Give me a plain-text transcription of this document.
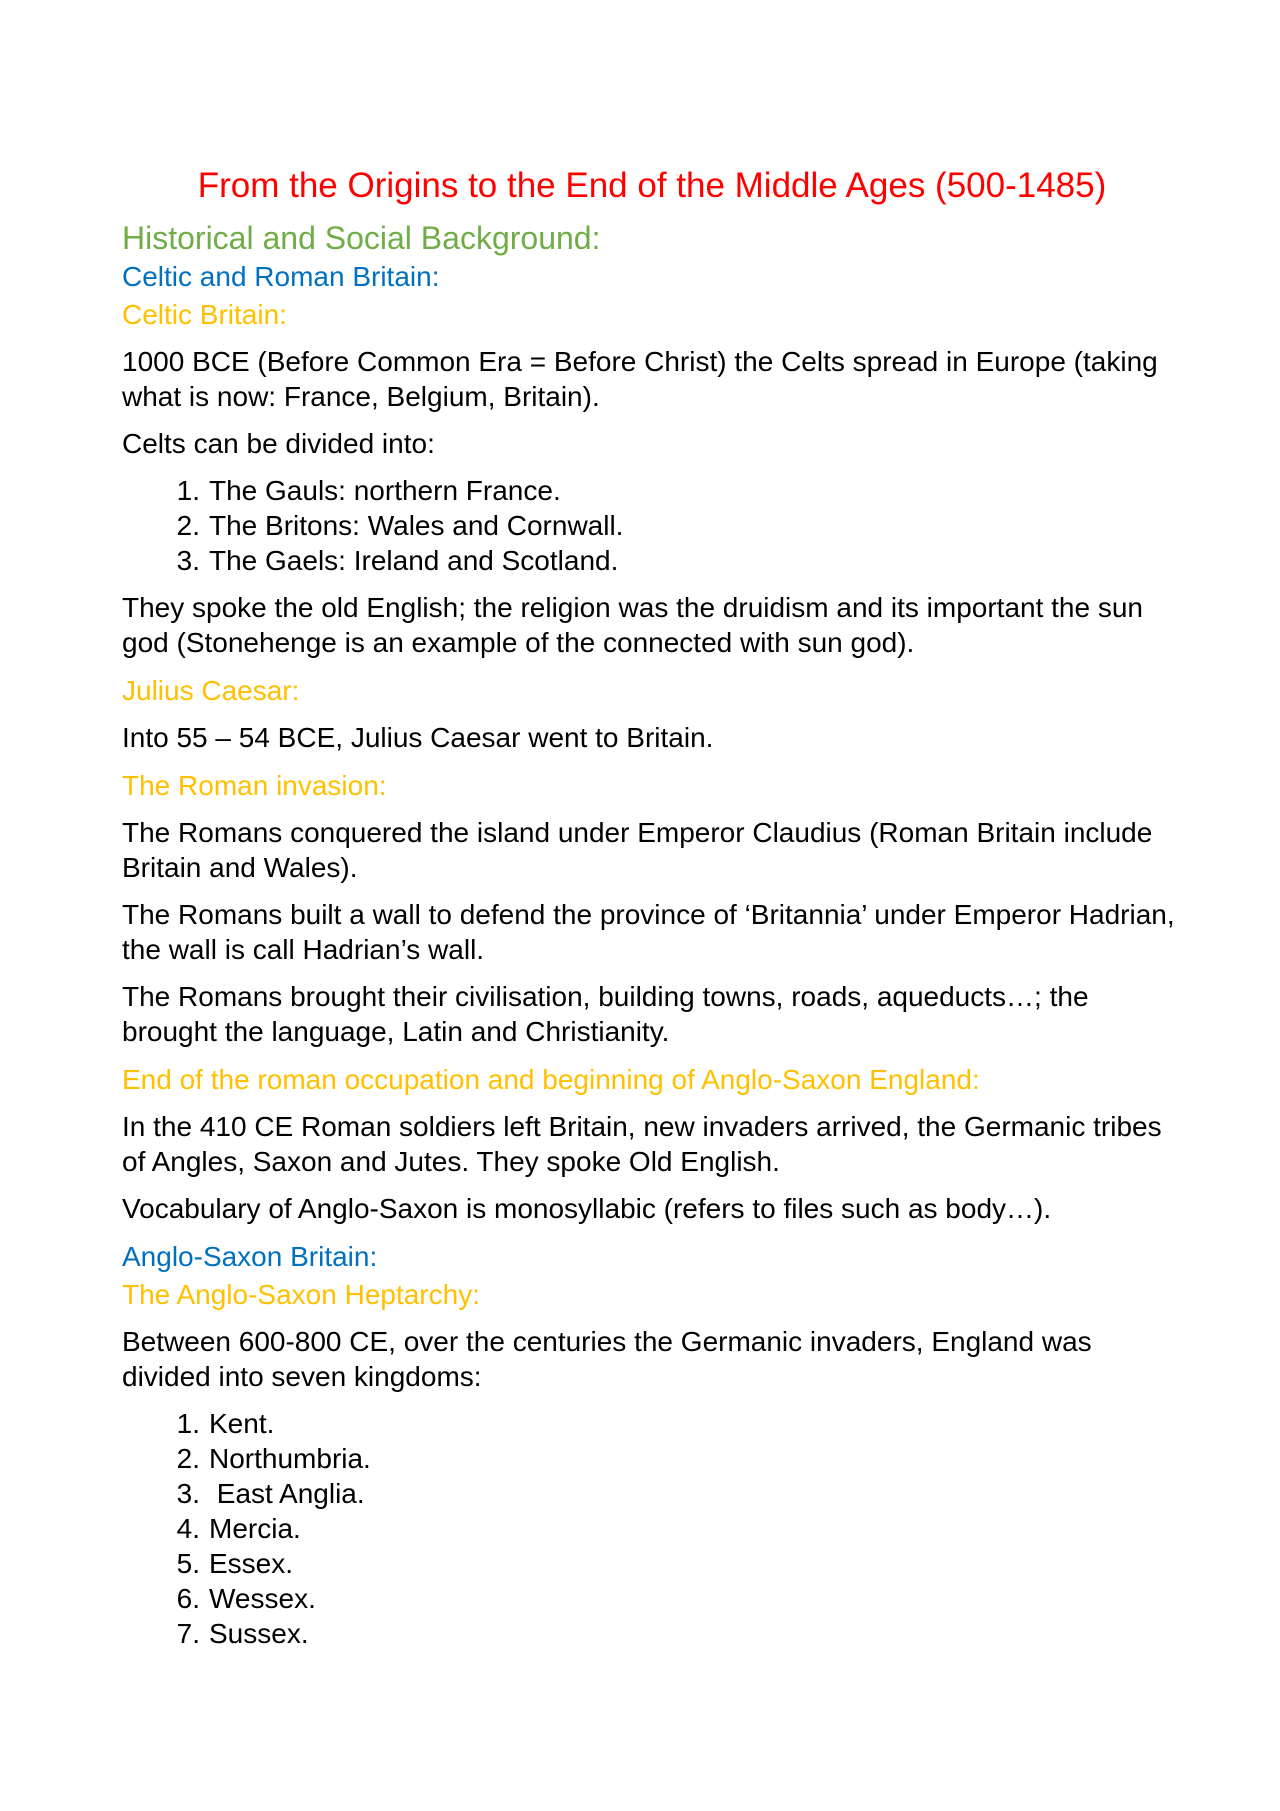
From the Origins to the End of the Middle Ages (500-1485)
Historical and Social Background:
Celtic and Roman Britain:
Celtic Britain:

1000 BCE (Before Common Era = Before Christ) the Celts spread in Europe (taking what is now: France, Belgium, Britain).

Celts can be divided into:

1. The Gauls: northern France.
2. The Britons: Wales and Cornwall.
3. The Gaels: Ireland and Scotland.

They spoke the old English; the religion was the druidism and its important the sun god (Stonehenge is an example of the connected with sun god).

Julius Caesar:

Into 55 – 54 BCE, Julius Caesar went to Britain.

The Roman invasion:

The Romans conquered the island under Emperor Claudius (Roman Britain include Britain and Wales).

The Romans built a wall to defend the province of ‘Britannia’ under Emperor Hadrian, the wall is call Hadrian’s wall.

The Romans brought their civilisation, building towns, roads, aqueducts…; the brought the language, Latin and Christianity.

End of the roman occupation and beginning of Anglo-Saxon England:

In the 410 CE Roman soldiers left Britain, new invaders arrived, the Germanic tribes of Angles, Saxon and Jutes. They spoke Old English.

Vocabulary of Anglo-Saxon is monosyllabic (refers to files such as body…).

Anglo-Saxon Britain:
The Anglo-Saxon Heptarchy:

Between 600-800 CE, over the centuries the Germanic invaders, England was divided into seven kingdoms:

1. Kent.
2. Northumbria.
3. East Anglia.
4. Mercia.
5. Essex.
6. Wessex.
7. Sussex.
